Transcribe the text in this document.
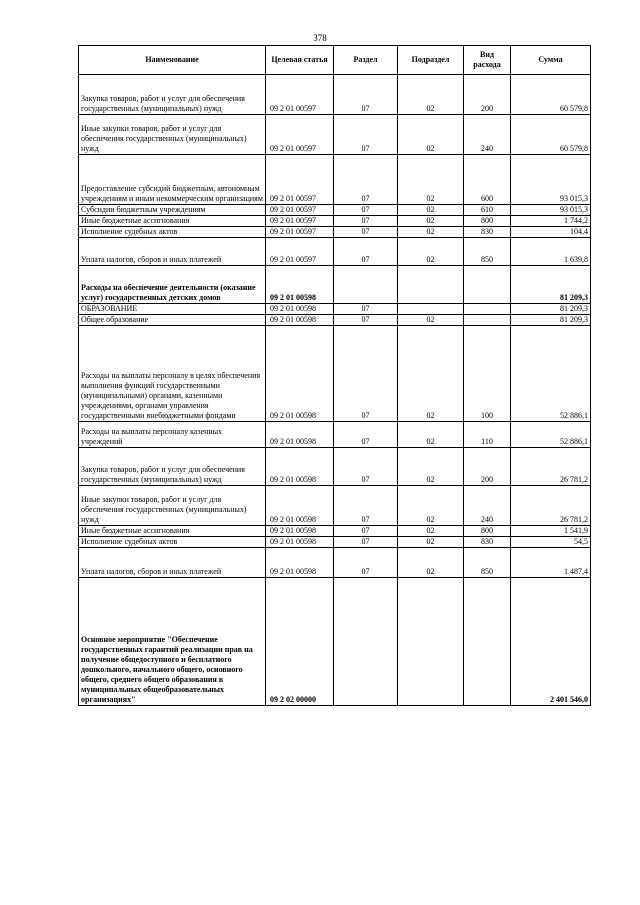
378
Наименование	Целевая статья	Раздел	Подраздел	Вид расхода	Сумма
Закупка товаров, работ и услуг для обеспечения государственных (муниципальных) нужд	09 2 01 00597	07	02	200	60 579,8
Иные закупки товаров, работ и услуг для обеспечения государственных (муниципальных) нужд	09 2 01 00597	07	02	240	60 579,8
Предоставление субсидий бюджетным, автономным учреждениям и иным некоммерческим организациям	09 2 01 00597	07	02	600	93 015,3
Субсидии бюджетным учреждениям	09 2 01 00597	07	02	610	93 015,3
Иные бюджетные ассигнования	09 2 01 00597	07	02	800	1 744,2
Исполнение судебных актов	09 2 01 00597	07	02	830	104,4
Уплата налогов, сборов и иных платежей	09 2 01 00597	07	02	850	1 639,8
Расходы на обеспечение деятельности (оказание услуг) государственных детских домов	09 2 01 00598				81 209,3
ОБРАЗОВАНИЕ	09 2 01 00598	07			81 209,3
Общее образование	09 2 01 00598	07	02		81 209,3
Расходы на выплаты персоналу в целях обеспечения выполнения функций государственными (муниципальными) органами, казенными учреждениями, органами управления государственными внебюджетными фондами	09 2 01 00598	07	02	100	52 886,1
Расходы на выплаты персоналу казенных учреждений	09 2 01 00598	07	02	110	52 886,1
Закупка товаров, работ и услуг для обеспечения государственных (муниципальных) нужд	09 2 01 00598	07	02	200	26 781,2
Иные закупки товаров, работ и услуг для обеспечения государственных (муниципальных) нужд	09 2 01 00598	07	02	240	26 781,2
Иные бюджетные ассигнования	09 2 01 00598	07	02	800	1 541,9
Исполнение судебных актов	09 2 01 00598	07	02	830	54,5
Уплата налогов, сборов и иных платежей	09 2 01 00598	07	02	850	1 487,4
Основное мероприятие "Обеспечение государственных гарантий реализации прав на получение общедоступного и бесплатного дошкольного, начального общего, основного общего, среднего общего образования в муниципальных общеобразовательных организациях"	09 2 02 00000				2 401 546,0
